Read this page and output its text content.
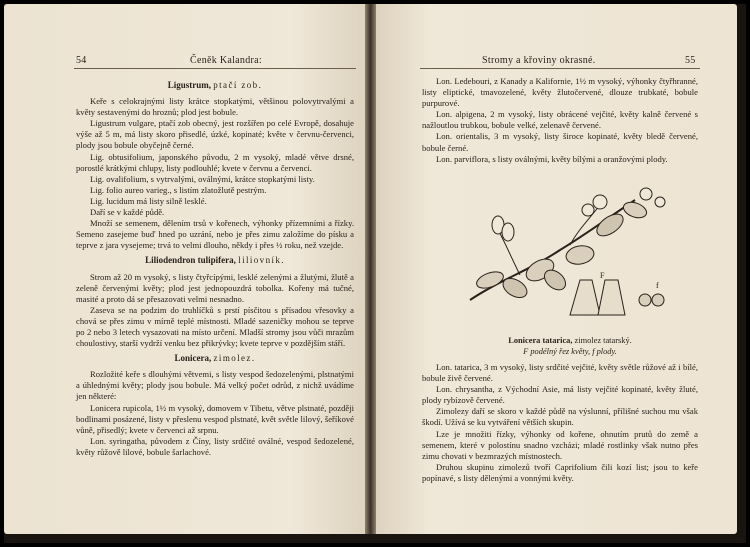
54	Čeněk Kalandra:
Ligustrum, ptačí zob.

Keře s celokrajnými listy krátce stopkatými, většinou polovytrvalými a květy sestavenými do hroznů; plod jest bobule.

Ligustrum vulgare, ptačí zob obecný, jest rozšířen po celé Evropě, dosahuje výše až 5 m, má listy skoro přisedlé, úzké, kopinaté; květe v červnu-červenci, plody jsou bobule obyčejně černé.

Lig. obtusifolium, japonského původu, 2 m vysoký, mladé větve drsné, porostlé krátkými chlupy, listy podlouhlé; kvete v červnu a červenci.

Lig. ovalifolium, s vytrvalými, oválnými, krátce stopkatými listy.

Lig. folio aureo varieg., s listím zlatožlutě pestrým.

Lig. lucidum má listy silně lesklé.

Daří se v každé půdě.

Množí se semenem, dělením trsů v kořenech, výhonky přízemními a řízky. Semeno zasejeme buď hned po uzrání, nebo je přes zimu založíme do písku a teprve z jara vysejeme; trvá to velmi dlouho, někdy i přes ½ roku, než vzejde.

Liliodendron tulipifera, liliovník.

Strom až 20 m vysoký, s listy čtyřcípými, lesklé zelenými a žlutými, žlutě a zeleně červenými květy; plod jest jednopouzdrá tobolka. Kořeny má tučné, masité a proto dá se přesazovati velmi nesnadno.

Zaseva se na podzim do truhlíčků s prstí písčitou s přísadou vřesovky a chová se přes zimu v mírně teplé místnosti. Mladé sazeničky mohou se teprve po 2 nebo 3 letech vysazovati na místo určení. Mladší stromy jsou vůči mrazům choulostivy, starší vydrží venku bez přikrývky; kvete teprve v pozdějším stáří.

Lonicera, zimolez.

Rozložité keře s dlouhými větvemi, s listy vespod šedozelenými, plstnatými a úhlednými květy; plody jsou bobule. Má velký počet odrůd, z nichž uvádíme jen některé:

Lonicera rupicola, 1½ m vysoký, domovem v Tibetu, větve plstnaté, později bodlinami posázené, listy v přeslenu vespod plstnaté, květ světle lilový, šeříkové vůně, přisedlý; kvete v červenci až srpnu.

Lon. syringatha, původem z Číny, listy srdčité oválné, vespod šedozelené, květy růžově lilové, bobule šarlachové.

Stromy a křoviny okrasné.	55

Lon. Ledebouri, z Kanady a Kalifornie, 1½ m vysoký, výhonky čtyřhranné, listy eliptické, tmavozelené, květy žlutočervené, dlouze trubkaté, bobule purpurové.

Lon. alpigena, 2 m vysoký, listy obrácené vejčité, květy kalně červené s nažloutlou trubkou, bobule velké, zelenavě červené.

Lon. orientalis, 3 m vysoký, listy široce kopinaté, květy bledě červené, bobule černé.

Lon. parviflora, s listy oválnými, květy bílými a oranžovými plody.

F
f
Lonicera tatarica, zimolez tatarský.
F podélný řez květy, f plody.

Lon. tatarica, 3 m vysoký, listy srdčité vejčité, květy světle růžové až i bílé, bobule živě červené.

Lon. chrysantha, z Východní Asie, má listy vejčité kopinaté, květy žluté, plody rybízově červené.

Zimolezy daří se skoro v každé půdě na výslunní, přílišné suchou mu však škodí. Užívá se ku vytváření větších skupin.

Lze je množiti řízky, výhonky od kořene, ohnutím prutů do země a semenem, které v polostínu snadno vzcházi; mladé rostlinky však nutno přes zimu chovati v bezmrazých místnostech.

Druhou skupinu zimolezů tvoří Caprifolium čili kozí list; jsou to keře popínavé, s listy dělenými a vonnými květy.
